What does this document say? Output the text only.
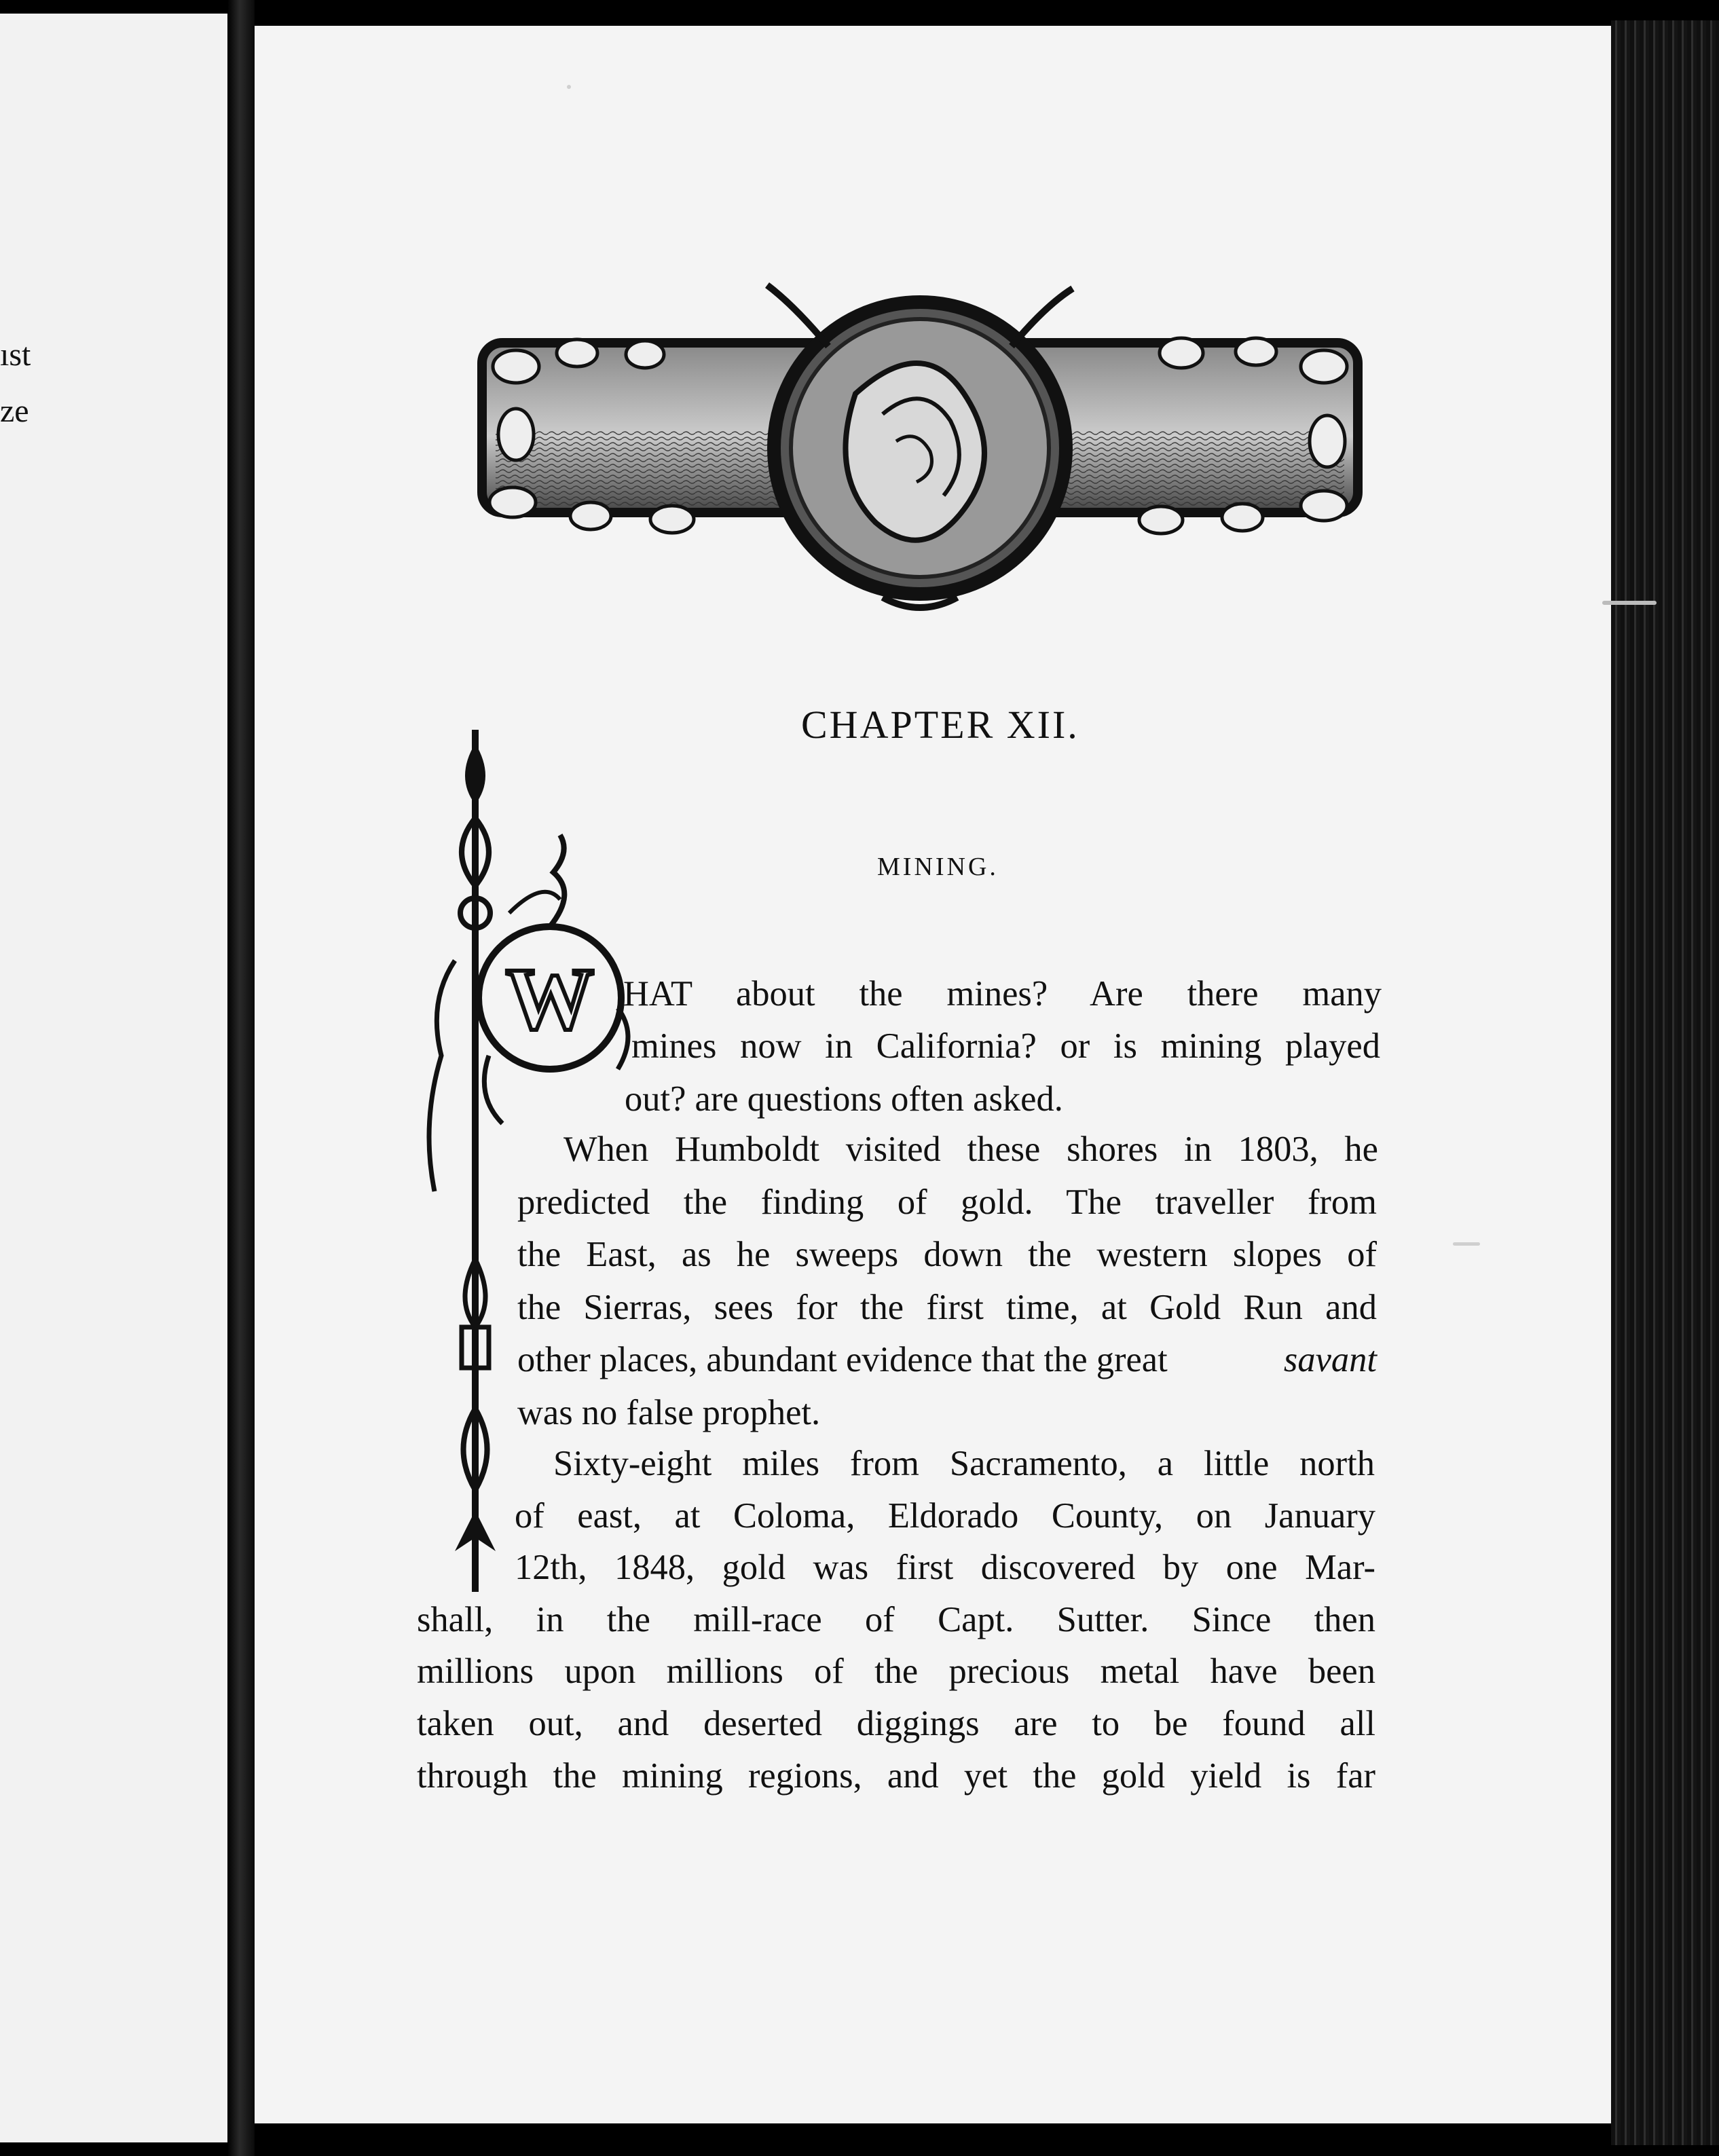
ıst
ze
CHAPTER XII.
MINING.
W HAT about the mines? Are there many
mines now in California? or is mining played
out? are questions often asked.
When Humboldt visited these shores in 1803, he
predicted the finding of gold. The traveller from
the East, as he sweeps down the western slopes of
the Sierras, sees for the first time, at Gold Run and
other places, abundant evidence that the great	savant
was no false prophet.
Sixty-eight miles from Sacramento, a little north
of east, at Coloma, Eldorado County, on January
12th, 1848, gold was first discovered by one Mar-
shall, in the mill-race of Capt. Sutter. Since then
millions upon millions of the precious metal have been
taken out, and deserted diggings are to be found all
through the mining regions, and yet the gold yield is far
